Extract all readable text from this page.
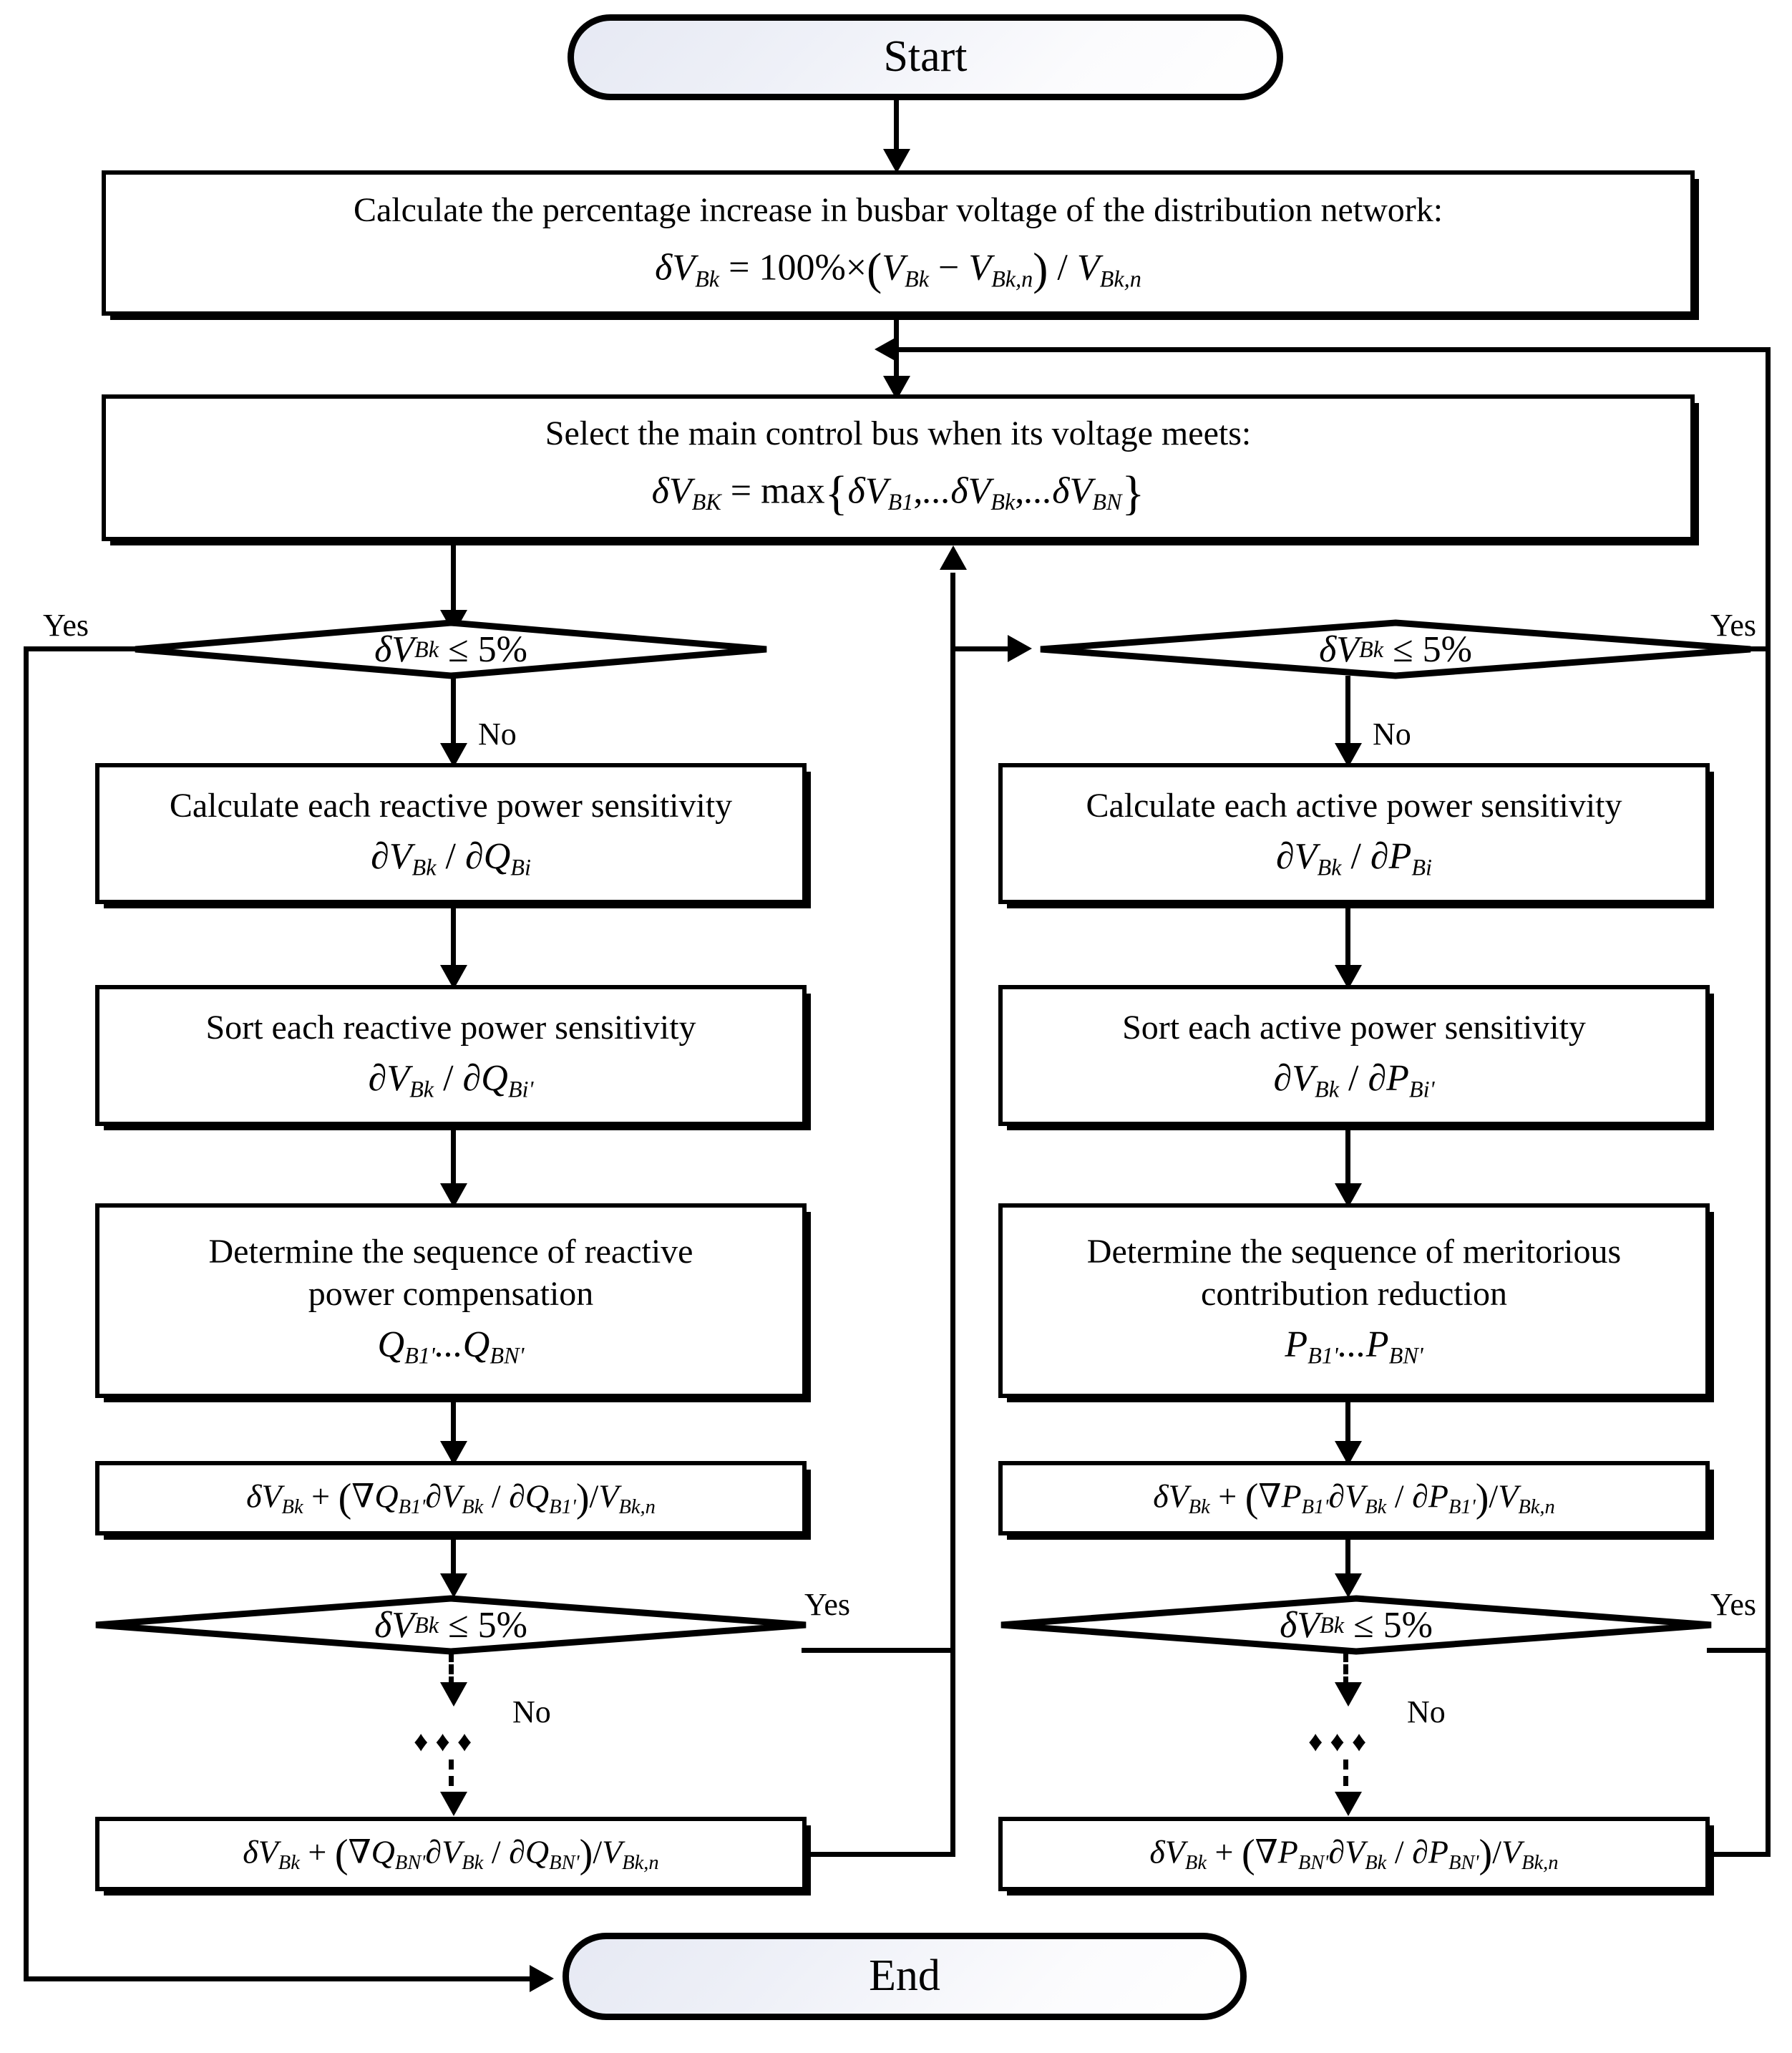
Start
Calculate the percentage increase in busbar voltage of the distribution network:
$\delta V_{Bk} = 100\%\times(V_{Bk} - V_{Bk,n}) / V_{Bk,n}$
Select the main control bus when its voltage meets:
$\delta V_{BK} = \max\{\delta V_{B1},...\delta V_{Bk},...\delta V_{BN}\}$
δV Bk ≤ 5%
Yes
No
Calculate each reactive power sensitivity
$\partial V_{Bk} / \partial Q_{Bi}$
Sort each reactive power sensitivity
$\partial V_{Bk} / \partial Q_{Bi'}$
Determine the sequence of reactive
power compensation
$Q_{B1'}...Q_{BN'}$
$\delta V_{Bk} + (\nabla Q_{B1'}\partial V_{Bk} / \partial Q_{B1'})/V_{Bk,n}$
δV Bk ≤ 5%	Yes
No
♦♦♦
$\delta V_{Bk} + (\nabla Q_{BN'}\partial V_{Bk} / \partial Q_{BN'})/V_{Bk,n}$
δV Bk ≤ 5%
Yes
No
Calculate each active power sensitivity
$\partial V_{Bk} / \partial P_{Bi}$
Sort each active power sensitivity
$\partial V_{Bk} / \partial P_{Bi'}$
Determine the sequence of meritorious
contribution reduction
$P_{B1'}...P_{BN'}$
$\delta V_{Bk} + (\nabla P_{B1'}\partial V_{Bk} / \partial P_{B1'})/V_{Bk,n}$
δV Bk ≤ 5%	Yes
No
♦♦♦
$\delta V_{Bk} + (\nabla P_{BN'}\partial V_{Bk} / \partial P_{BN'})/V_{Bk,n}$
End
